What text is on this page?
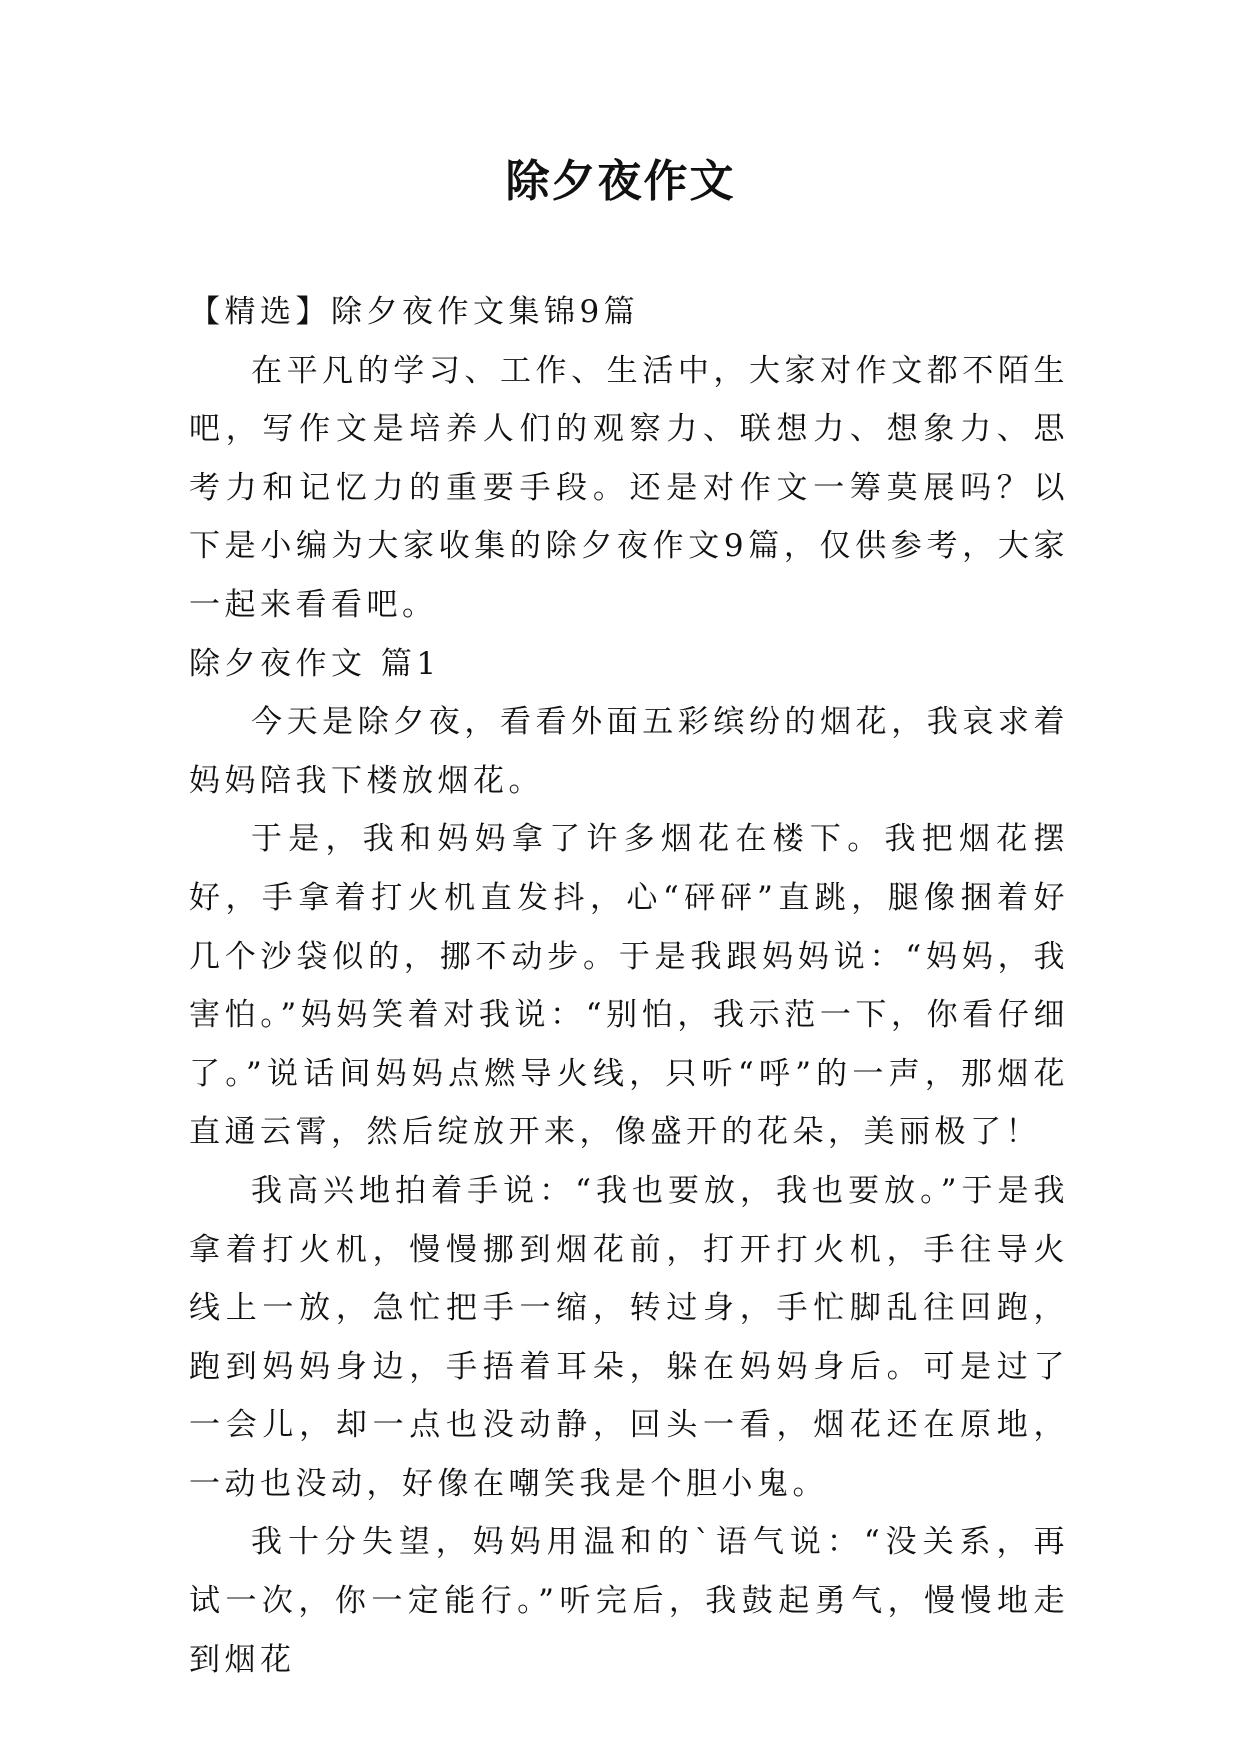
除夕夜作文

【精选】除夕夜作文集锦9篇

在平凡的学习、工作、生活中，大家对作文都不陌生吧，写作文是培养人们的观察力、联想力、想象力、思考力和记忆力的重要手段。还是对作文一筹莫展吗？以下是小编为大家收集的除夕夜作文9篇，仅供参考，大家一起来看看吧。

除夕夜作文 篇1

今天是除夕夜，看看外面五彩缤纷的烟花，我哀求着妈妈陪我下楼放烟花。

于是，我和妈妈拿了许多烟花在楼下。我把烟花摆好，手拿着打火机直发抖，心“砰砰”直跳，腿像捆着好几个沙袋似的，挪不动步。于是我跟妈妈说：“妈妈，我害怕。”妈妈笑着对我说：“别怕，我示范一下，你看仔细了。”说话间妈妈点燃导火线，只听“呼”的一声，那烟花直通云霄，然后绽放开来，像盛开的花朵，美丽极了！

我高兴地拍着手说：“我也要放，我也要放。”于是我拿着打火机，慢慢挪到烟花前，打开打火机，手往导火线上一放，急忙把手一缩，转过身，手忙脚乱往回跑，跑到妈妈身边，手捂着耳朵，躲在妈妈身后。可是过了一会儿，却一点也没动静，回头一看，烟花还在原地，一动也没动，好像在嘲笑我是个胆小鬼。

我十分失望，妈妈用温和的`语气说：“没关系，再试一次，你一定能行。”听完后，我鼓起勇气，慢慢地走到烟花
